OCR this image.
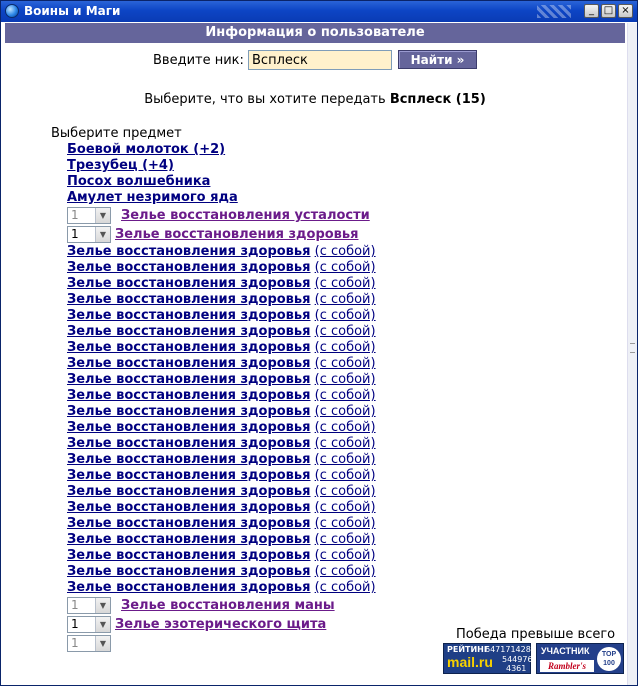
Воины и Маги	_ □ ×
Информация о пользователе
Введите ник:
Всплеск	Найти »
Выберите, что вы хотите передать Всплеск (15)
Выберите предмет
Боевой молоток (+2)
Трезубец (+4)
Посох волшебника
Амулет незримого яда
1	▼	Зелье восстановления усталости
1	▼ Зелье восстановления здоровья
Зелье восстановления здоровья (с собой)
Зелье восстановления здоровья (с собой)
Зелье восстановления здоровья (с собой)
Зелье восстановления здоровья (с собой)
Зелье восстановления здоровья (с собой)
Зелье восстановления здоровья (с собой)
Зелье восстановления здоровья (с собой)
Зелье восстановления здоровья (с собой)
Зелье восстановления здоровья (с собой)
Зелье восстановления здоровья (с собой)
Зелье восстановления здоровья (с собой)
Зелье восстановления здоровья (с собой)
Зелье восстановления здоровья (с собой)
Зелье восстановления здоровья (с собой)
Зелье восстановления здоровья (с собой)
Зелье восстановления здоровья (с собой)
Зелье восстановления здоровья (с собой)
Зелье восстановления здоровья (с собой)
Зелье восстановления здоровья (с собой)
Зелье восстановления здоровья (с собой)
Зелье восстановления здоровья (с собой)
Зелье восстановления здоровья (с собой)
1	▼	Зелье восстановления маны
1	▼ Зелье эзотерического щита
1	▼
Победа превыше всего
РЕЙТИНГ
647171428
mail.ru 544976
4361
УЧАСТНИК
Rambler's
TOP 100
